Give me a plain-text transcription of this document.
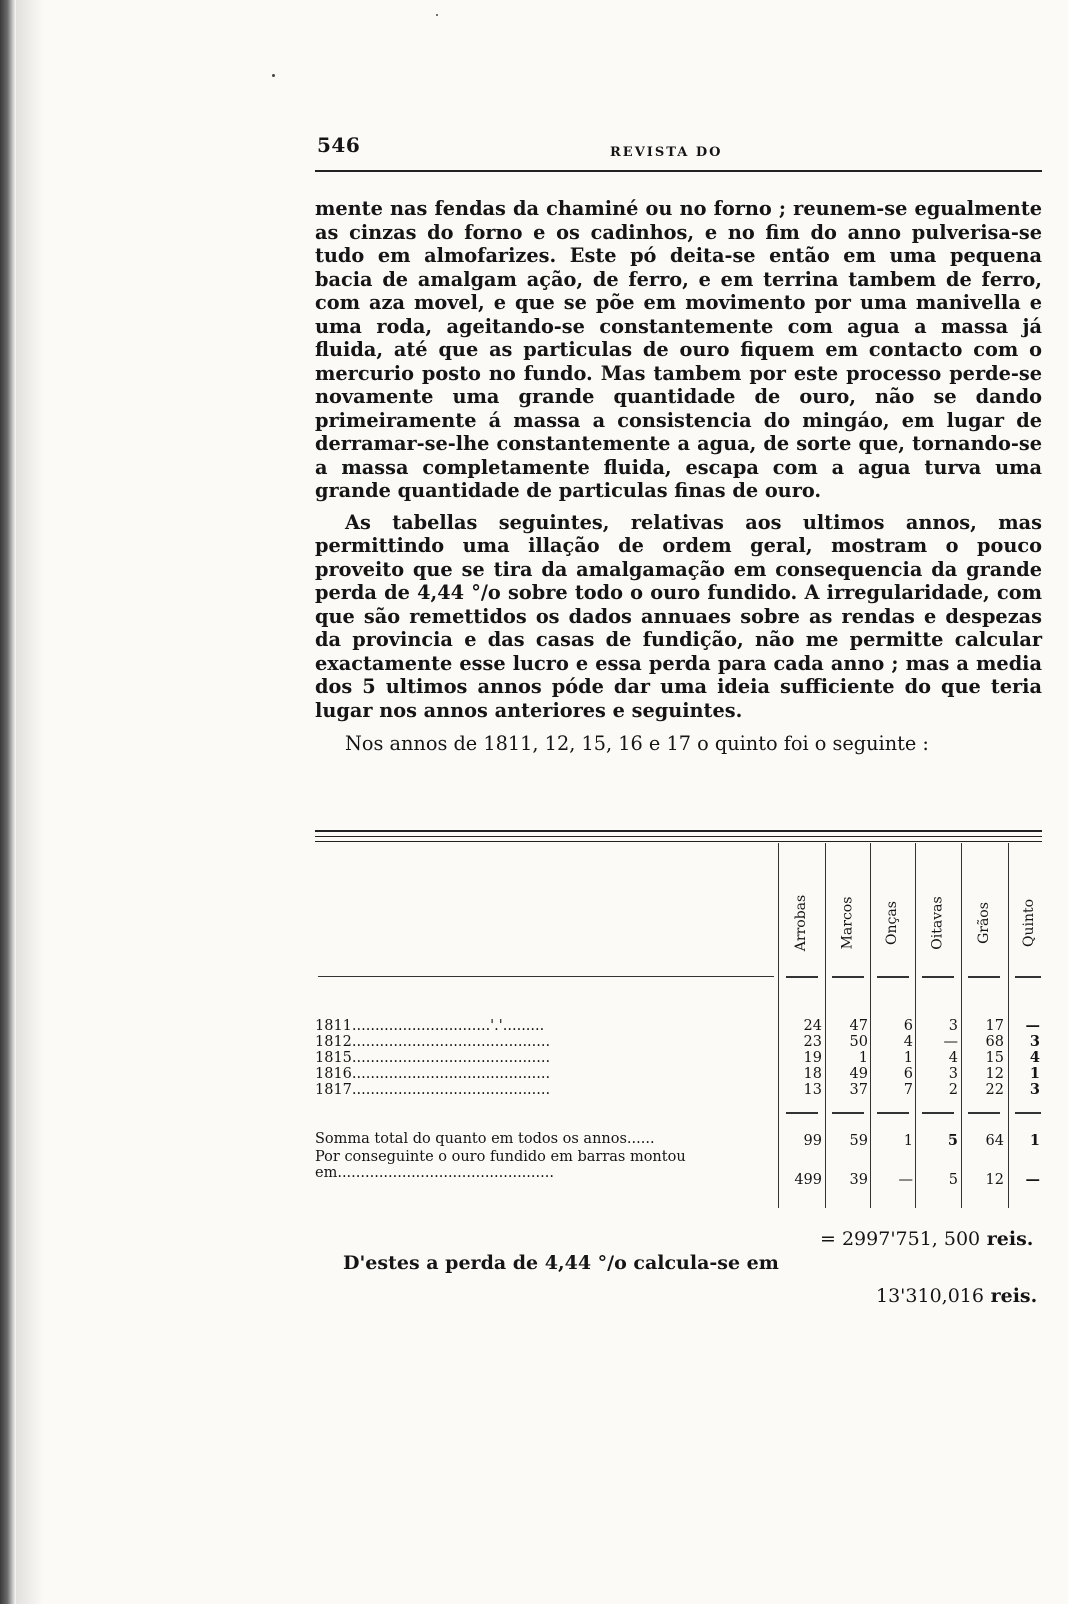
546	REVISTA DO

mente nas fendas da chaminé ou no forno ; reunem-se egualmente as cinzas do forno e os cadinhos, e no fim do anno pulverisa-se tudo em almofarizes. Este pó deita-se então em uma pequena bacia de amalgam ação, de ferro, e em terrina tambem de ferro, com aza movel, e que se põe em movimento por uma manivella e uma roda, ageitando-se constantemente com agua a massa já fluida, até que as particulas de ouro fiquem em contacto com o mercurio posto no fundo. Mas tambem por este processo perde-se novamente uma grande quantidade de ouro, não se dando primeiramente á massa a consistencia do mingáo, em lugar de derramar-se-lhe constantemente a agua, de sorte que, tornando-se a massa completamente fluida, escapa com a agua turva uma grande quantidade de particulas finas de ouro.

As tabellas seguintes, relativas aos ultimos annos, mas permittindo uma illação de ordem geral, mostram o pouco proveito que se tira da amalgamação em consequencia da grande perda de 4,44 °/o sobre todo o ouro fundido. A irregularidade, com que são remettidos os dados annuaes sobre as rendas e despezas da provincia e das casas de fundição, não me permitte calcular exactamente esse lucro e essa perda para cada anno ; mas a media dos 5 ultimos annos póde dar uma ideia sufficiente do que teria lugar nos annos anteriores e seguintes.

Nos annos de 1811, 12, 15, 16 e 17 o quinto foi o seguinte :

Arrobas Marcos Onças Oitavas Grãos Quinto
1811..............................'.'.........	24	47	6	3	17	—
1812...........................................	23	50	4	—	68	3
1815...........................................	19	1	1	4	15	4
1816...........................................	18	49	6	3	12	1
1817...........................................	13	37	7	2	22	3
Somma total do quanto em todos os annos......	99	59	1	5	64	1
Por conseguinte o ouro fundido em barras montou em...............................................	499	39	—	5	12	—
= 2997'751, 500 reis.
D'estes a perda de 4,44 °/o calcula-se em
13'310,016 reis.
